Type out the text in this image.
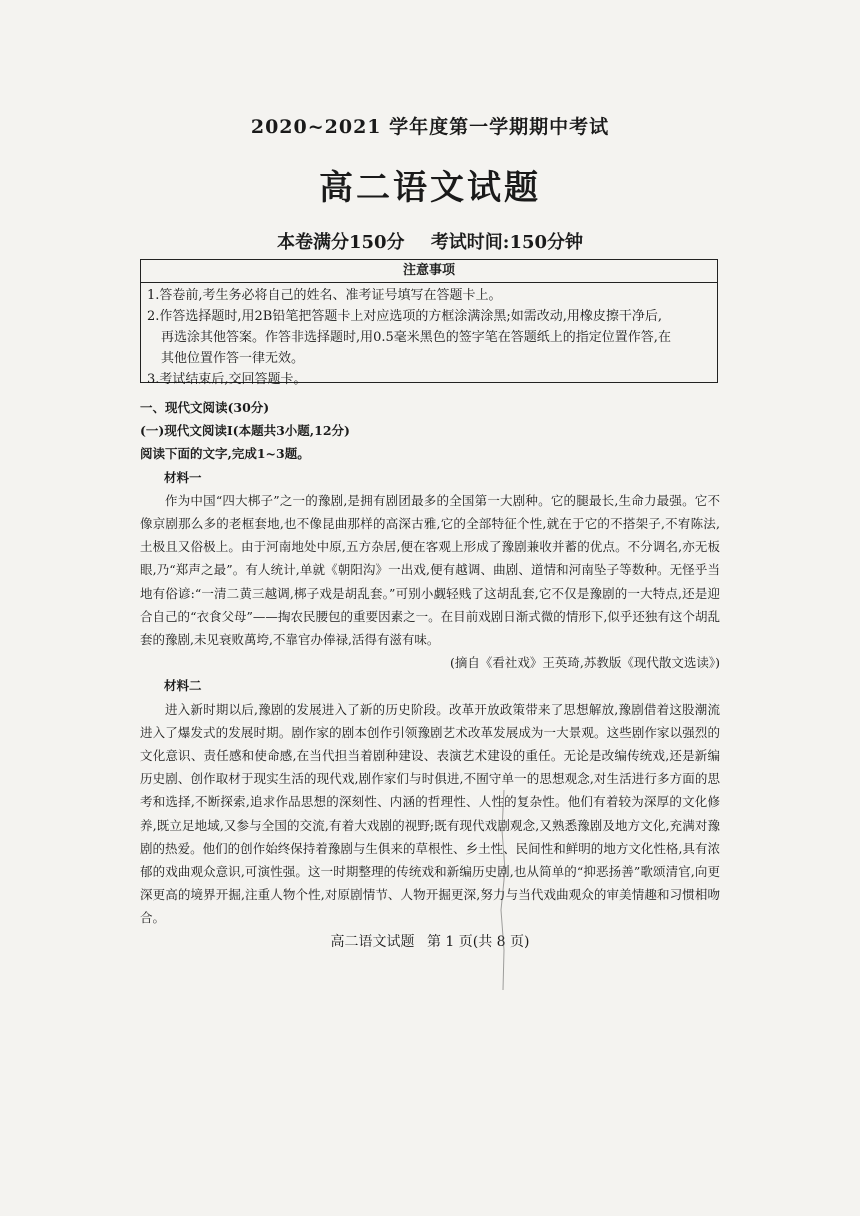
2020~2021 学年度第一学期期中考试
高二语文试题
本卷满分150分 考试时间:150分钟
注意事项
1.答卷前,考生务必将自己的姓名、准考证号填写在答题卡上。
2.作答选择题时,用2B铅笔把答题卡上对应选项的方框涂满涂黑;如需改动,用橡皮擦干净后,
再选涂其他答案。作答非选择题时,用0.5毫米黑色的签字笔在答题纸上的指定位置作答,在
其他位置作答一律无效。
3.考试结束后,交回答题卡。

一、现代文阅读(30分)

(一)现代文阅读Ⅰ(本题共3小题,12分)

阅读下面的文字,完成1~3题。

材料一

作为中国“四大梆子”之一的豫剧,是拥有剧团最多的全国第一大剧种。它的腿最长,生命力最强。它不像京剧那么多的老框套地,也不像昆曲那样的高深古雅,它的全部特征个性,就在于它的不搭架子,不宥陈法,土极且又俗极上。由于河南地处中原,五方杂居,便在客观上形成了豫剧兼收并蓄的优点。不分调名,亦无板眼,乃“郑声之最”。有人统计,单就《朝阳沟》一出戏,便有越调、曲剧、道情和河南坠子等数种。无怪乎当地有俗谚:“一清二黄三越调,梆子戏是胡乱套。”可别小觑轻贱了这胡乱套,它不仅是豫剧的一大特点,还是迎合自己的“衣食父母”——掏农民腰包的重要因素之一。在目前戏剧日渐式微的情形下,似乎还独有这个胡乱套的豫剧,未见衰败萬垮,不靠官办俸禄,活得有滋有味。

(摘自《看社戏》王英琦,苏教版《现代散文选读》)

材料二

进入新时期以后,豫剧的发展进入了新的历史阶段。改革开放政策带来了思想解放,豫剧借着这股潮流进入了爆发式的发展时期。剧作家的剧本创作引领豫剧艺术改革发展成为一大景观。这些剧作家以强烈的文化意识、责任感和使命感,在当代担当着剧种建设、表演艺术建设的重任。无论是改编传统戏,还是新编历史剧、创作取材于现实生活的现代戏,剧作家们与时俱进,不囿守单一的思想观念,对生活进行多方面的思考和选择,不断探索,追求作品思想的深刻性、内涵的哲理性、人性的复杂性。他们有着较为深厚的文化修养,既立足地域,又参与全国的交流,有着大戏剧的视野;既有现代戏剧观念,又熟悉豫剧及地方文化,充满对豫剧的热爱。他们的创作始终保持着豫剧与生俱来的草根性、乡土性、民间性和鲜明的地方文化性格,具有浓郁的戏曲观众意识,可演性强。这一时期整理的传统戏和新编历史剧,也从简单的“抑恶扬善”歌颂清官,向更深更高的境界开掘,注重人物个性,对原剧情节、人物开掘更深,努力与当代戏曲观众的审美情趣和习惯相吻合。

高二语文试题 第 1 页(共 8 页)
